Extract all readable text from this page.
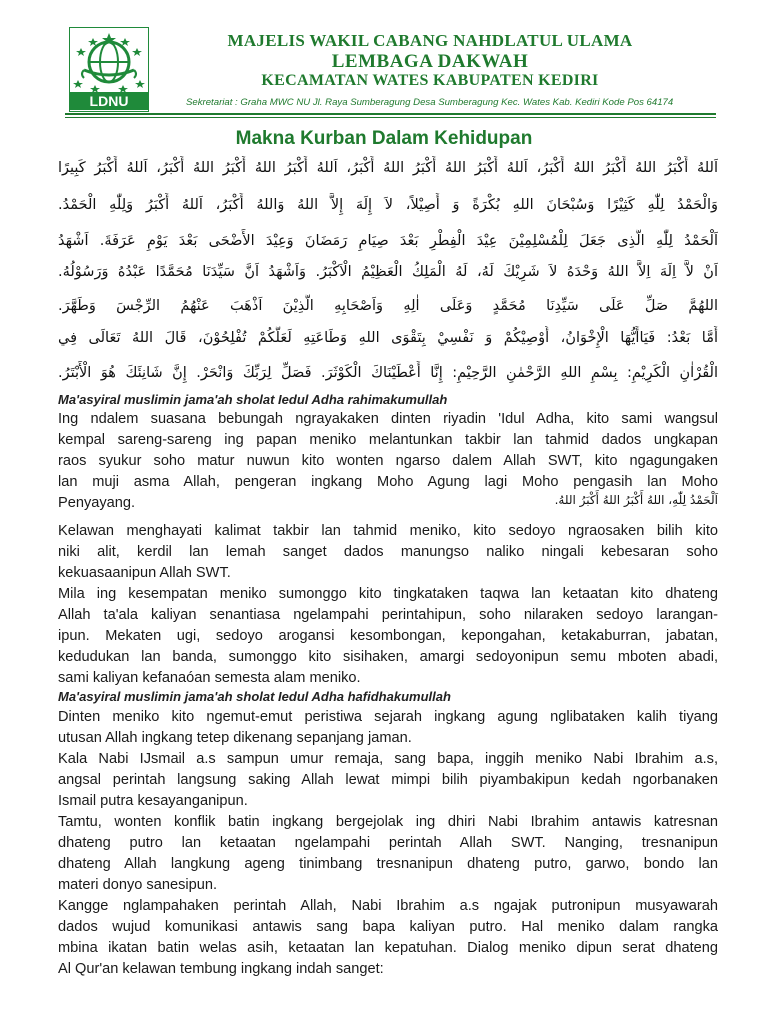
LDNU
MAJELIS WAKIL CABANG NAHDLATUL ULAMA
LEMBAGA DAKWAH
KECAMATAN WATES KABUPATEN KEDIRI
Sekretariat : Graha MWC NU Jl. Raya Sumberagung Desa Sumberagung Kec. Wates Kab. Kediri Kode Pos 64174
Makna Kurban Dalam Kehidupan
اَللهُ أَكْبَرُ اللهُ أَكْبَرُ اللهُ أَكْبَرُ، اَللهُ أَكْبَرُ اللهُ أَكْبَرُ اللهُ أَكْبَرُ، اَللهُ أَكْبَرُ اللهُ أَكْبَرُ اللهُ أَكْبَرُ، اَللهُ أَكْبَرُ كَبِيرًا
وَالْحَمْدُ لِلّٰهِ كَثِيْرًا وَسُبْحَانَ اللهِ بُكْرَةً وَ أَصِيْلاً، لاَ إِلَهَ إِلاَّ اللهُ وَاللهُ أَكْبَرُ، اَللهُ أَكْبَرُ وَلِلّٰهِ الْحَمْدُ.
اَلْحَمْدُ لِلّٰهِ الَّذِى جَعَلَ لِلْمُسْلِمِيْنَ عِيْدَ الْفِطْرِ بَعْدَ صِيَامِ رَمَضَانَ وَعِيْدَ الأَضْحَى بَعْدَ يَوْمِ عَرَفَةَ. اَشْهَدُ
اَنْ لاَّ اِلَهَ اِلاَّ اللهُ وَحْدَهُ لاَ شَرِيْكَ لَهُ، لَهُ الْمَلِكُ الْعَظِيْمُ الْاَكْبَرُ. وَاَشْهَدُ اَنَّ سَيِّدَنَا مُحَمَّدًا عَبْدُهُ وَرَسُوْلُهُ.
اللهُمَّ صَلِّ عَلَى سَيِّدِنَا مُحَمَّدٍ وَعَلَى اٰلِهِ وَاَصْحَابِهِ الَّذِيْنَ اَذْهَبَ عَنْهُمُ الرِّجْسَ وَطَهَّرَ.
أَمَّا بَعْدُ: فَيَاأَيُّهَا الْإِخْوَانُ، أُوْصِيْكُمْ وَ نَفْسِيْ بِتَقْوَى اللهِ وَطَاعَتِهِ لَعَلَّكُمْ تُفْلِحُوْنَ، قَالَ اللهُ تَعَالَى فِي
الْقُرْاٰنِ الْكَرِيْمِ: بِسْمِ اللهِ الرَّحْمٰنِ الرَّحِيْمِ: إِنَّا أَعْطَيْنَاكَ الْكَوْثَرَ. فَصَلِّ لِرَبِّكَ وَانْحَرْ. إِنَّ شَانِئَكَ هُوَ الْأَبْتَرُ.
Ma'asyiral muslimin jama'ah sholat Iedul Adha rahimakumullah
Ing ndalem suasana bebungah ngrayakaken dinten riyadin 'Idul Adha, kito sami wangsul
kempal sareng-sareng ing papan meniko melantunkan takbir lan tahmid dados ungkapan
raos syukur soho matur nuwun kito wonten ngarso dalem Allah SWT, kito ngagungaken
lan muji asma Allah, pengeran ingkang Moho Agung lagi Moho pengasih lan Moho
Penyayang.	اَلْحَمْدُ لِلّٰهِ، اللهُ أَكْبَرُ اللهُ أَكْبَرُ اللهُ.
Kelawan menghayati kalimat takbir lan tahmid meniko, kito sedoyo ngraosaken bilih kito
niki alit, kerdil lan lemah sanget dados manungso naliko ningali kebesaran soho
kekuasaanipun Allah SWT.
Mila ing kesempatan meniko sumonggo kito tingkataken taqwa lan ketaatan kito dhateng
Allah ta'ala kaliyan senantiasa ngelampahi perintahipun, soho nilaraken sedoyo larangan-
ipun. Mekaten ugi, sedoyo arogansi kesombongan, kepongahan, ketakaburran, jabatan,
kedudukan lan banda, sumonggo kito sisihaken, amargi sedoyonipun semu mboten abadi,
sami kaliyan kefanaóan semesta alam meniko.
Ma'asyiral muslimin jama'ah sholat Iedul Adha hafidhakumullah
Dinten meniko kito ngemut-emut peristiwa sejarah ingkang agung nglibataken kalih tiyang
utusan Allah ingkang tetep dikenang sepanjang jaman.
Kala Nabi IJsmail a.s sampun umur remaja, sang bapa, inggih meniko Nabi Ibrahim a.s,
angsal perintah langsung saking Allah lewat mimpi bilih piyambakipun kedah ngorbanaken
Ismail putra kesayanganipun.
Tamtu, wonten konflik batin ingkang bergejolak ing dhiri Nabi Ibrahim antawis katresnan
dhateng putro lan ketaatan ngelampahi perintah Allah SWT. Nanging, tresnanipun
dhateng Allah langkung ageng tinimbang tresnanipun dhateng putro, garwo, bondo lan
materi donyo sanesipun.
Kangge nglampahaken perintah Allah, Nabi Ibrahim a.s ngajak putronipun musyawarah
dados wujud komunikasi antawis sang bapa kaliyan putro. Hal meniko dalam rangka
mbina ikatan batin welas asih, ketaatan lan kepatuhan. Dialog meniko dipun serat dhateng
Al Qur'an kelawan tembung ingkang indah sanget:
